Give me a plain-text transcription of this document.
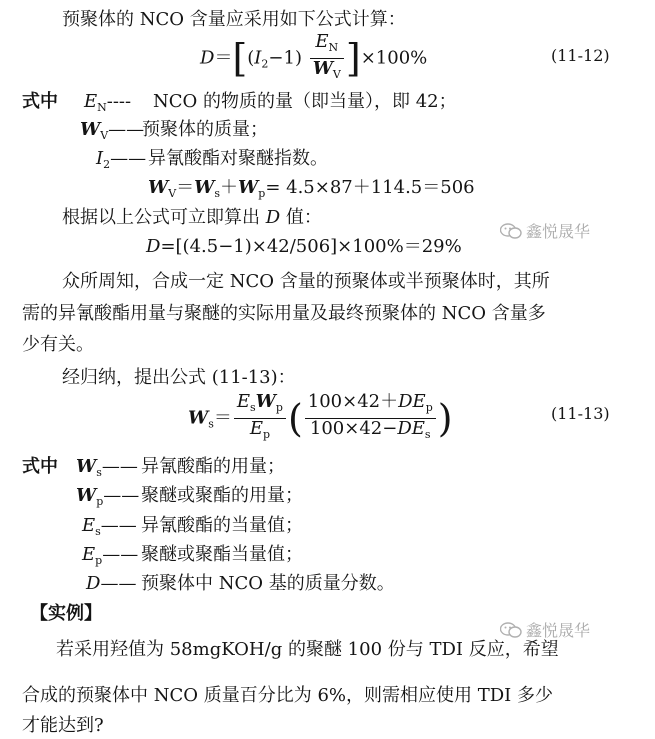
预聚体的 NCO 含量应采用如下公式计算：
$D=[(I_2-1) \frac{E_N}{W_V} ]\times 100\%$	(11-12)
式中 $E_N----$ NCO 的物质的量（即当量），即 42；
$W_V——$
预聚体的质量；
$I_2——$ 异氰酸酯对聚醚指数。
$W_V=W_s+W_p= 4.5\times 87+114.5=506$
根据以上公式可立即算出 D 值：
D=[(4.5−1)×42/506]×100%＝29%
鑫悦晟华
众所周知，合成一定 NCO 含量的预聚体或半预聚体时，其所
需的异氰酸酯用量与聚醚的实际用量及最终预聚体的 NCO 含量多
少有关。
经归纳，提出公式 (11-13)：
$W_s= \frac{E_sW_p}{E_p}$ ( $\frac{100\times 42+DE_p}{100\times 42-DE_s}$ )	(11-13)
式中 $W_s——$ 异氰酸酯的用量；
$W_p——$ 聚醚或聚酯的用量；
$E_s——$ 异氰酸酯的当量值；
$E_p——$ 聚醚或聚酯当量值；
D—— 预聚体中 NCO 基的质量分数。
【实例】
鑫悦晟华
若采用羟值为 58mgKOH/g 的聚醚 100 份与 TDI 反应，希望
合成的预聚体中 NCO 质量百分比为 6%，则需相应使用 TDI 多少
才能达到?
